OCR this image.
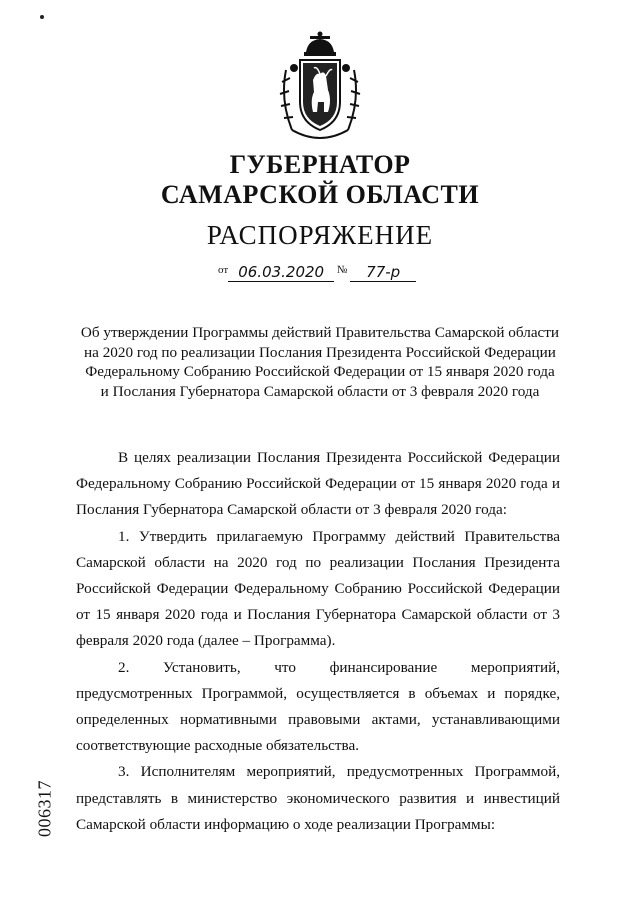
ГУБЕРНАТОР
САМАРСКОЙ ОБЛАСТИ
РАСПОРЯЖЕНИЕ
от 06.03.2020 № 77-р
Об утверждении Программы действий Правительства Самарской области
на 2020 год по реализации Послания Президента Российской Федерации
Федеральному Собранию Российской Федерации от 15 января 2020 года
и Послания Губернатора Самарской области от 3 февраля 2020 года

В целях реализации Послания Президента Российской Федерации Федеральному Собранию Российской Федерации от 15 января 2020 года и Послания Губернатора Самарской области от 3 февраля 2020 года:

1. Утвердить прилагаемую Программу действий Правительства Самарской области на 2020 год по реализации Послания Президента Российской Федерации Федеральному Собранию Российской Федерации от 15 января 2020 года и Послания Губернатора Самарской области от 3 февраля 2020 года (далее – Программа).

2. Установить, что финансирование мероприятий, предусмотренных Программой, осуществляется в объемах и порядке, определенных нормативными правовыми актами, устанавливающими соответствующие расходные обязательства.

3. Исполнителям мероприятий, предусмотренных Программой, представлять в министерство экономического развития и инвестиций Самарской области информацию о ходе реализации Программы:

006317
